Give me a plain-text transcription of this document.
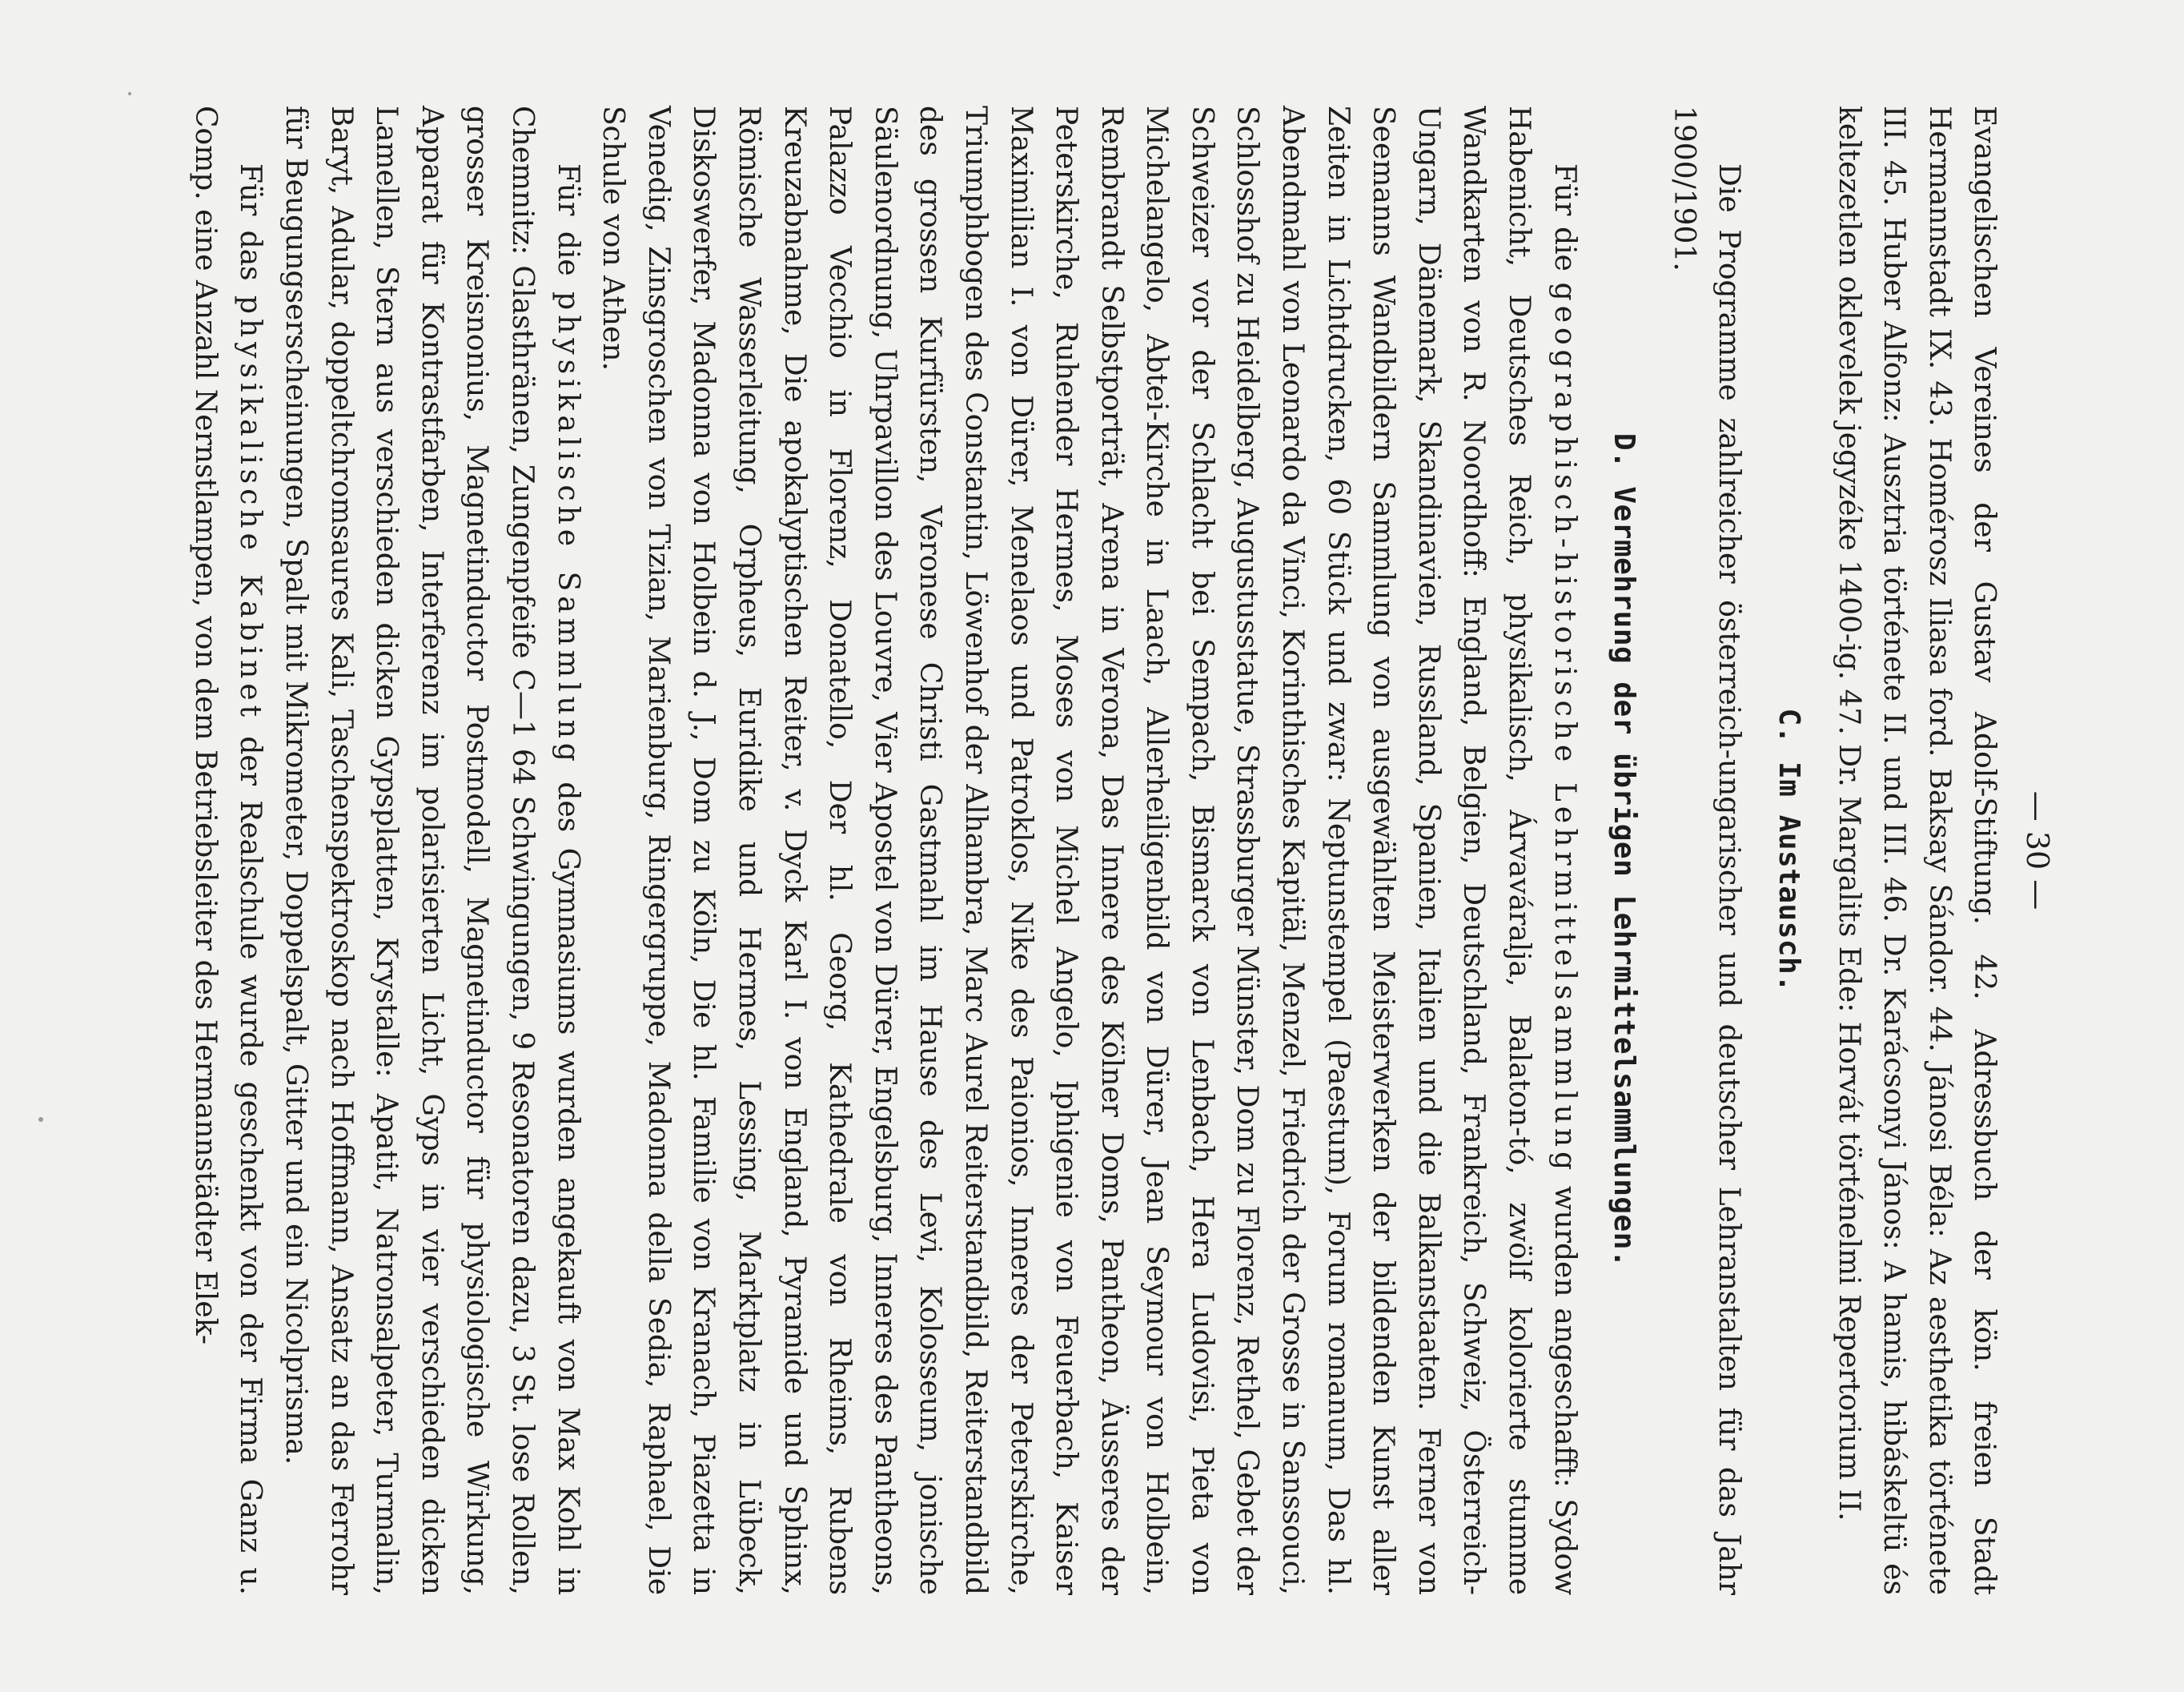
— 30 —

Evangelischen Vereines der Gustav Adolf-Stiftung. 42. Adressbuch der kön. freien Stadt Hermannstadt IX. 43. Homérosz Iliasa ford. Baksay Sándor. 44. Jánosi Béla: Az aesthetika története III. 45. Huber Alfonz: Ausztria története II. und III. 46. Dr. Karácsonyi János: A hamis, hibáskeltü és keltezetlen oklevelek jegyzéke 1400-ig. 47. Dr. Margalits Ede: Horvát történelmi Repertorium II.

C. Im Austausch.

Die Programme zahlreicher österreich-ungarischer und deutscher Lehranstalten für das Jahr 1900/1901.

D. Vermehrung der übrigen Lehrmittelsammlungen.

Für die geographisch-historische Lehrmittelsammlung wurden angeschafft: Sydow Habenicht, Deutsches Reich, physikalisch, Árvaváralja, Balaton-tó, zwölf kolorierte stumme Wandkarten von R. Noordhoff: England, Belgien, Deutschland, Frankreich, Schweiz, Österreich-Ungarn, Dänemark, Skandinavien, Russland, Spanien, Italien und die Balkanstaaten. Ferner von Seemanns Wandbildern Sammlung von ausgewählten Meisterwerken der bildenden Kunst aller Zeiten in Lichtdrucken, 60 Stück und zwar: Neptunstempel (Paestum), Forum romanum, Das hl. Abendmahl von Leonardo da Vinci, Korinthisches Kapitäl, Menzel, Friedrich der Grosse in Sanssouci, Schlosshof zu Heidelberg, Augustusstatue, Strassburger Münster, Dom zu Florenz, Rethel, Gebet der Schweizer vor der Schlacht bei Sempach, Bismarck von Lenbach, Hera Ludovisi, Pieta von Michelangelo, Abtei-Kirche in Laach, Allerheiligenbild von Dürer, Jean Seymour von Holbein, Rembrandt Selbstporträt, Arena in Verona, Das Innere des Kölner Doms, Pantheon, Äusseres der Peterskirche, Ruhender Hermes, Moses von Michel Angelo, Iphigenie von Feuerbach, Kaiser Maximilian I. von Dürer, Menelaos und Patroklos, Nike des Paionios, Inneres der Peterskirche, Triumphbogen des Constantin, Löwenhof der Alhambra, Marc Aurel Reiterstandbild, Reiterstandbild des grossen Kurfürsten, Veronese Christi Gastmahl im Hause des Levi, Kolosseum, jonische Säulenordnung, Uhrpavillon des Louvre, Vier Apostel von Dürer, Engelsburg, Inneres des Pantheons, Palazzo Vecchio in Florenz, Donatello, Der hl. Georg, Kathedrale von Rheims, Rubens Kreuzabnahme, Die apokalyptischen Reiter, v. Dyck Karl I. von England, Pyramide und Sphinx, Römische Wasserleitung, Orpheus, Euridike und Hermes, Lessing, Marktplatz in Lübeck, Diskoswerfer, Madonna von Holbein d. J., Dom zu Köln, Die hl. Familie von Kranach, Piazetta in Venedig, Zinsgroschen von Tizian, Marienburg, Ringergruppe, Madonna della Sedia, Raphael, Die Schule von Athen.

Für die physikalische Sammlung des Gymnasiums wurden angekauft von Max Kohl in Chemnitz: Glasthränen, Zungenpfeife C—1 64 Schwingungen, 9 Resonatoren dazu, 3 St. lose Rollen, grosser Kreisnonius, Magnetinductor Postmodell, Magnetinductor für physiologische Wirkung, Apparat für Kontrastfarben, Interferenz im polarisierten Licht, Gyps in vier verschieden dicken Lamellen, Stern aus verschieden dicken Gypsplatten, Krystalle: Apatit, Natronsalpeter, Turmalin, Baryt, Adular, doppeltchromsaures Kali, Taschenspektroskop nach Hoffmann, Ansatz an das Ferrohr für Beugungserscheinungen, Spalt mit Mikrometer, Doppelspalt, Gitter und ein Nicolprisma.

Für das physikalische Kabinet der Realschule wurde geschenkt von der Firma Ganz u. Comp. eine Anzahl Nernstlampen, von dem Betriebsleiter des Hermannstädter Elek-
